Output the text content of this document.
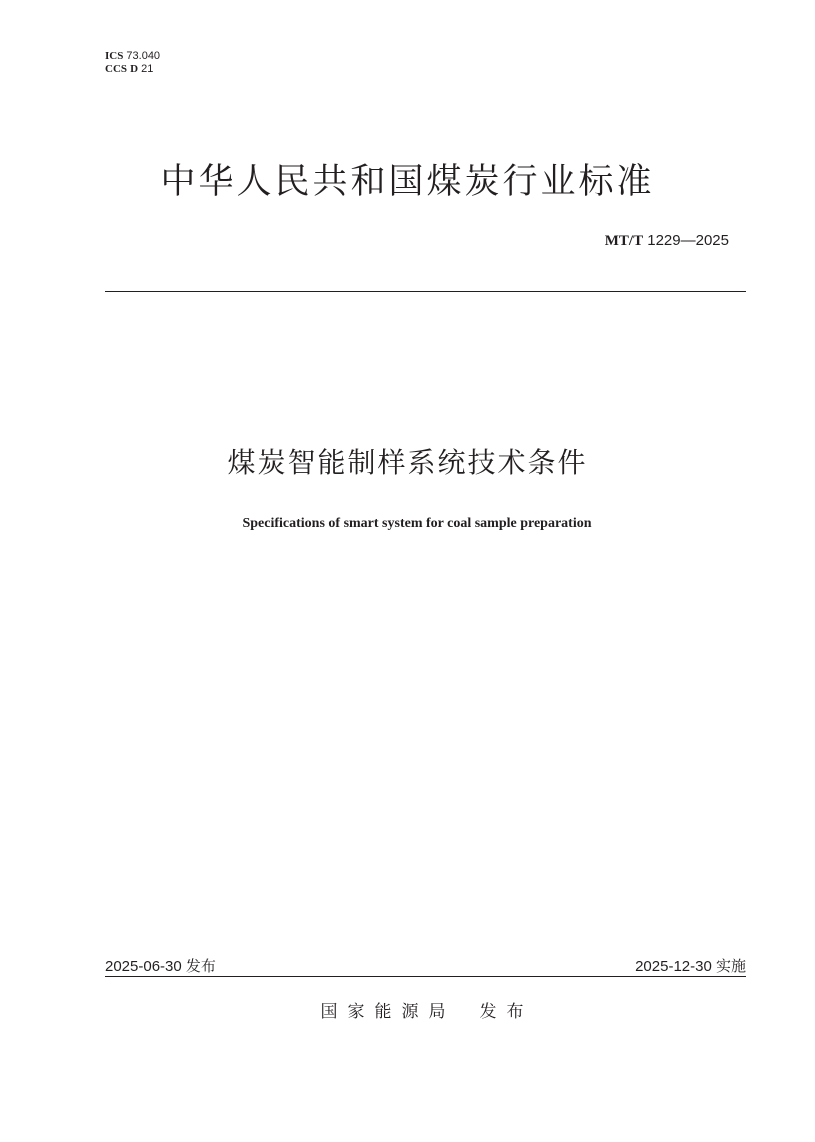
ICS 73.040
CCS D 21
中华人民共和国煤炭行业标准
MT/T 1229—2025
煤炭智能制样系统技术条件
Specifications of smart system for coal sample preparation
2025-06-30 发布	2025-12-30 实施
国家能源局 发布
